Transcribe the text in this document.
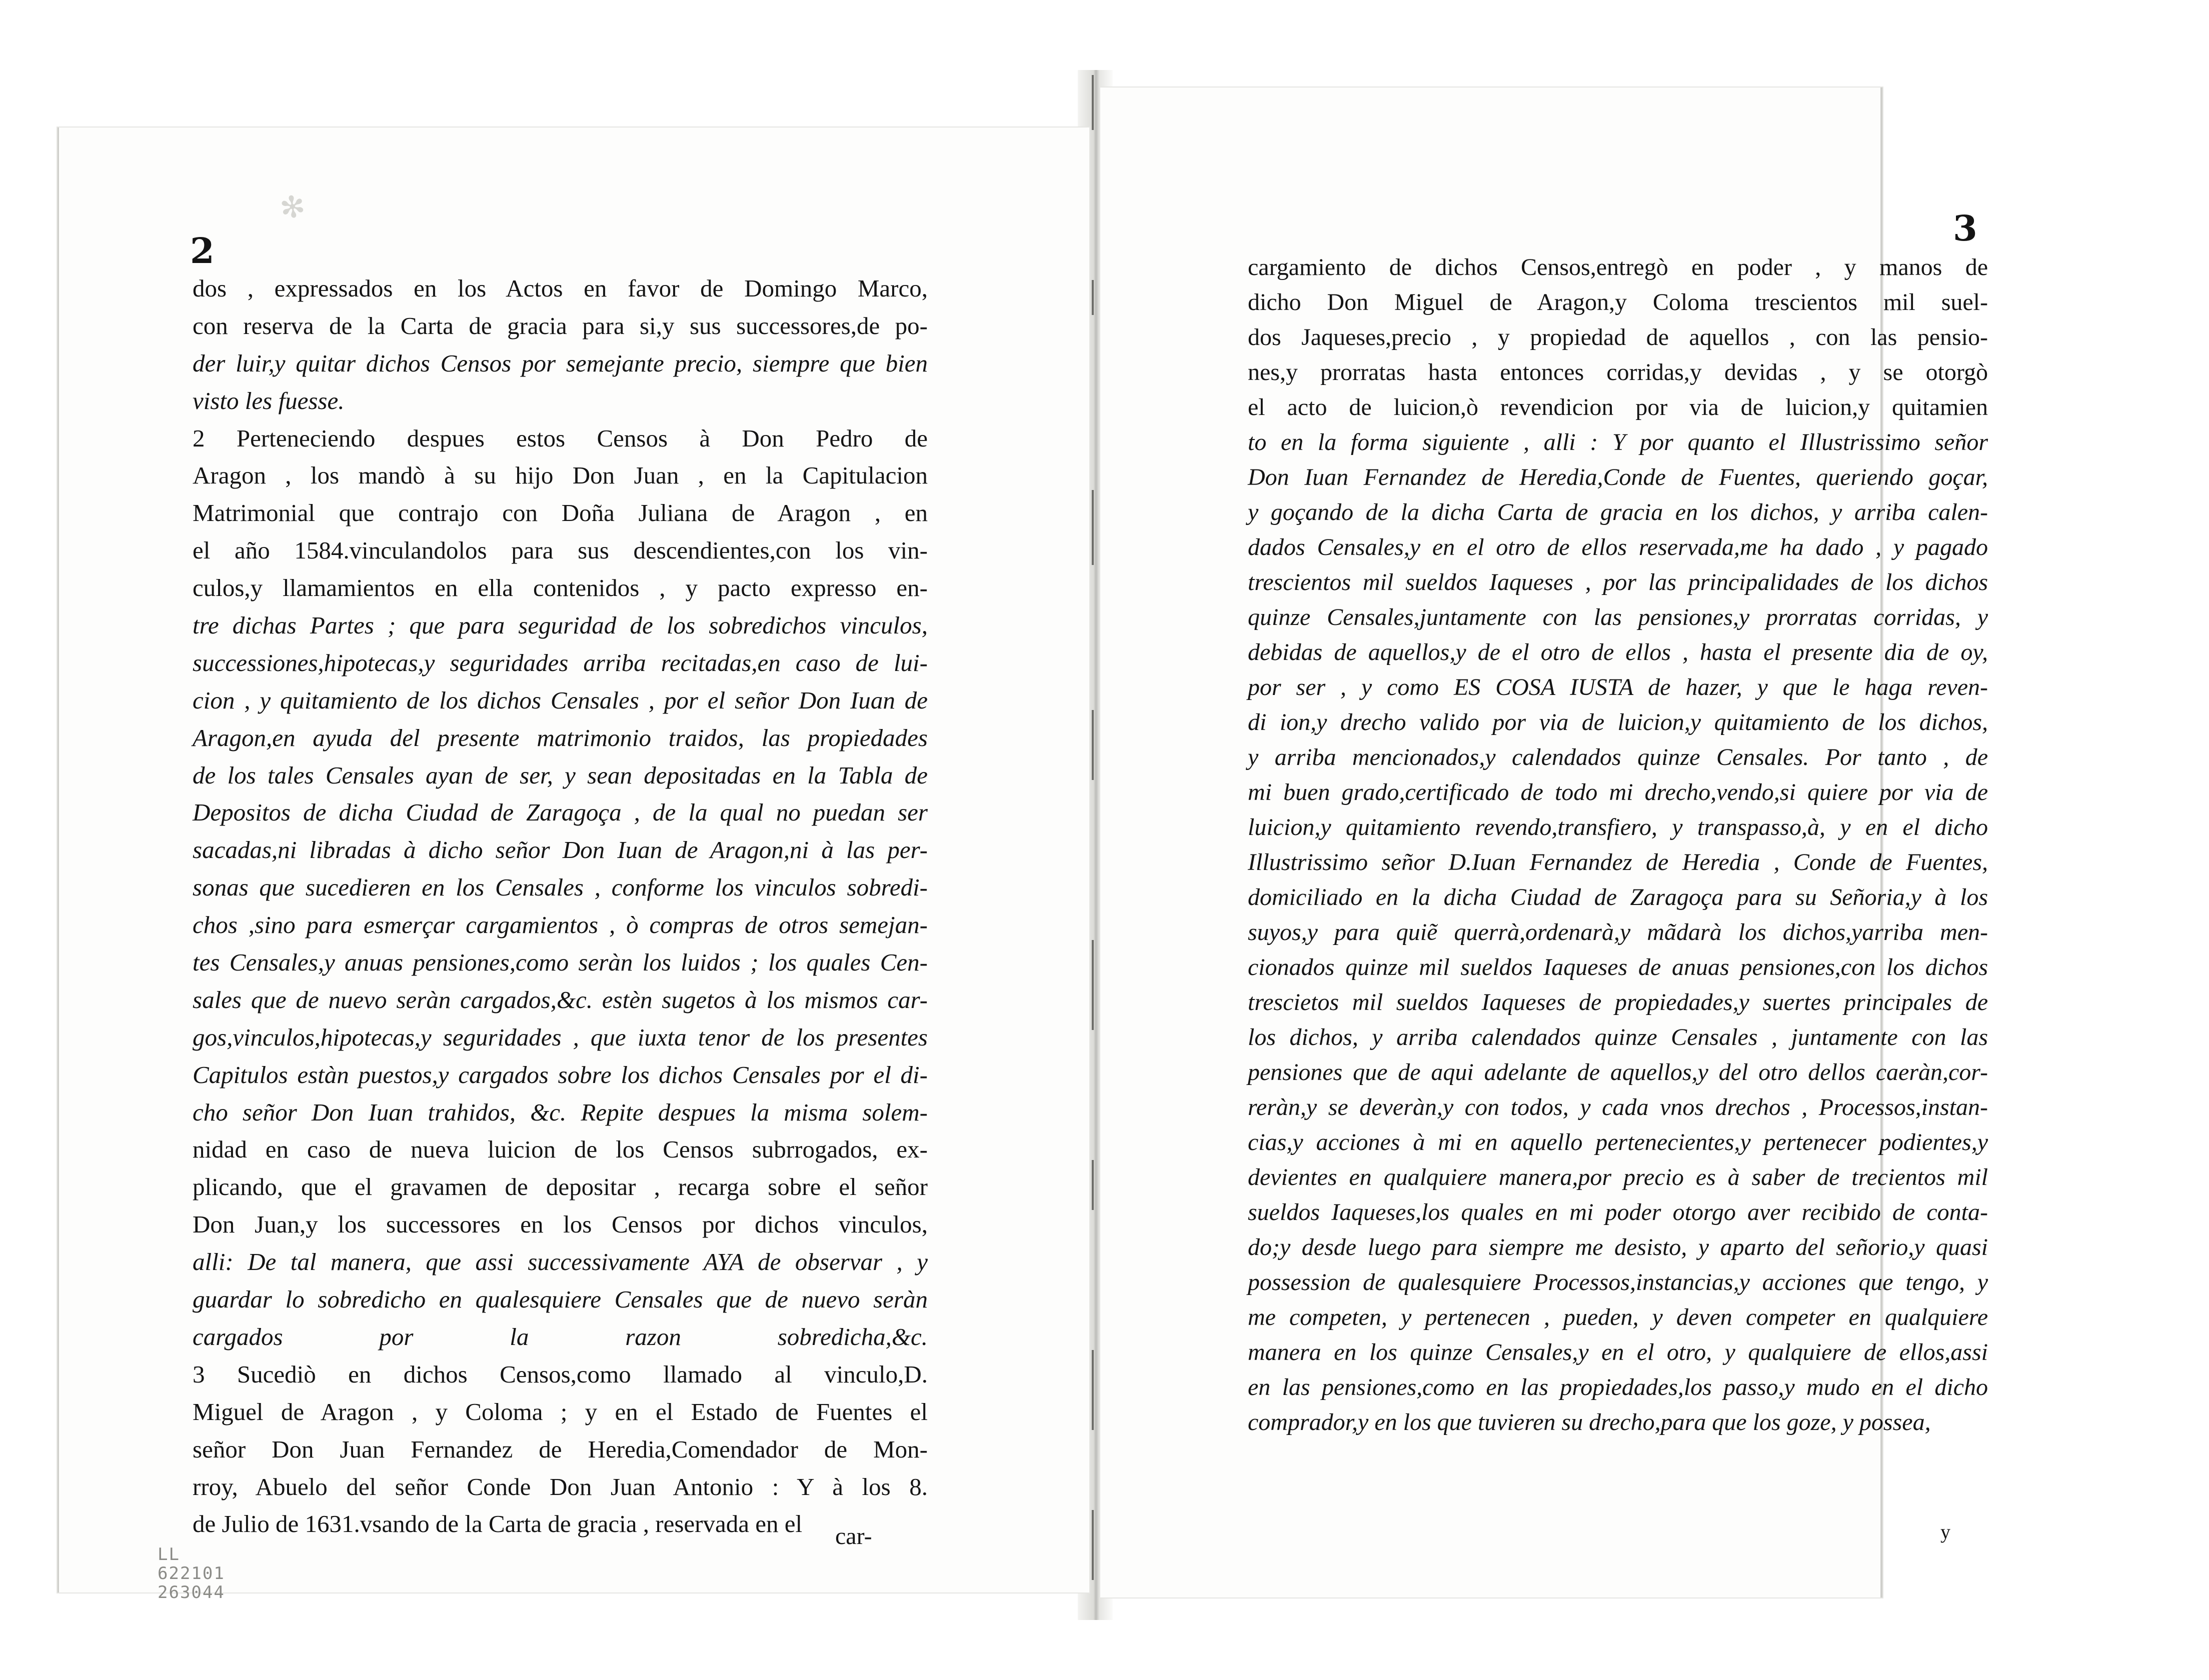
✻
2
3
dos , expressados en los Actos en favor de Domingo Marco,
con reserva de la Carta de gracia para si,y sus successores,de po-
der luir,y quitar dichos Censos por semejante precio, siempre que bien
visto les fuesse.
2 Perteneciendo despues estos Censos à Don Pedro de
Aragon , los mandò à su hijo Don Juan , en la Capitulacion
Matrimonial que contrajo con Doña Juliana de Aragon , en
el año 1584.vinculandolos para sus descendientes,con los vin-
culos,y llamamientos en ella contenidos , y pacto expresso en-
tre dichas Partes ; que para seguridad de los sobredichos vinculos,
successiones,hipotecas,y seguridades arriba recitadas,en caso de lui-
cion , y quitamiento de los dichos Censales , por el señor Don Iuan de
Aragon,en ayuda del presente matrimonio traidos, las propiedades
de los tales Censales ayan de ser, y sean depositadas en la Tabla de
Depositos de dicha Ciudad de Zaragoça , de la qual no puedan ser
sacadas,ni libradas à dicho señor Don Iuan de Aragon,ni à las per-
sonas que sucedieren en los Censales , conforme los vinculos sobredi-
chos ,sino para esmerçar cargamientos , ò compras de otros semejan-
tes Censales,y anuas pensiones,como seràn los luidos ; los quales Cen-
sales que de nuevo seràn cargados,&c. estèn sugetos à los mismos car-
gos,vinculos,hipotecas,y seguridades , que iuxta tenor de los presentes
Capitulos estàn puestos,y cargados sobre los dichos Censales por el di-
cho señor Don Iuan trahidos, &c. Repite despues la misma solem-
nidad en caso de nueva luicion de los Censos subrrogados, ex-
plicando, que el gravamen de depositar , recarga sobre el señor
Don Juan,y los successores en los Censos por dichos vinculos,
alli: De tal manera, que assi successivamente AYA de observar , y
guardar lo sobredicho en qualesquiere Censales que de nuevo seràn
cargados por la razon sobredicha,&c.
3 Sucediò en dichos Censos,como llamado al vinculo,D.
Miguel de Aragon , y Coloma ; y en el Estado de Fuentes el
señor Don Juan Fernandez de Heredia,Comendador de Mon-
rroy, Abuelo del señor Conde Don Juan Antonio : Y à los 8.
de Julio de 1631.vsando de la Carta de gracia , reservada en el
cargamiento de dichos Censos,entregò en poder , y manos de
dicho Don Miguel de Aragon,y Coloma trescientos mil suel-
dos Jaqueses,precio , y propiedad de aquellos , con las pensio-
nes,y prorratas hasta entonces corridas,y devidas , y se otorgò
el acto de luicion,ò revendicion por via de luicion,y quitamien
to en la forma siguiente , alli : Y por quanto el Illustrissimo señor
Don Iuan Fernandez de Heredia,Conde de Fuentes, queriendo goçar,
y goçando de la dicha Carta de gracia en los dichos, y arriba calen-
dados Censales,y en el otro de ellos reservada,me ha dado , y pagado
trescientos mil sueldos Iaqueses , por las principalidades de los dichos
quinze Censales,juntamente con las pensiones,y prorratas corridas, y
debidas de aquellos,y de el otro de ellos , hasta el presente dia de oy,
por ser , y como ES COSA IUSTA de hazer, y que le haga reven-
di ion,y drecho valido por via de luicion,y quitamiento de los dichos,
y arriba mencionados,y calendados quinze Censales. Por tanto , de
mi buen grado,certificado de todo mi drecho,vendo,si quiere por via de
luicion,y quitamiento revendo,transfiero, y transpasso,à, y en el dicho
Illustrissimo señor D.Iuan Fernandez de Heredia , Conde de Fuentes,
domiciliado en la dicha Ciudad de Zaragoça para su Señoria,y à los
suyos,y para quiẽ querrà,ordenarà,y mãdarà los dichos,yarriba men-
cionados quinze mil sueldos Iaqueses de anuas pensiones,con los dichos
trescietos mil sueldos Iaqueses de propiedades,y suertes principales de
los dichos, y arriba calendados quinze Censales , juntamente con las
pensiones que de aqui adelante de aquellos,y del otro dellos caeràn,cor-
reràn,y se deveràn,y con todos, y cada vnos drechos , Processos,instan-
cias,y acciones à mi en aquello pertenecientes,y pertenecer podientes,y
devientes en qualquiere manera,por precio es à saber de trecientos mil
sueldos Iaqueses,los quales en mi poder otorgo aver recibido de conta-
do;y desde luego para siempre me desisto, y aparto del señorio,y quasi
possession de qualesquiere Processos,instancias,y acciones que tengo, y
me competen, y pertenecen , pueden, y deven competer en qualquiere
manera en los quinze Censales,y en el otro, y qualquiere de ellos,assi
en las pensiones,como en las propiedades,los passo,y mudo en el dicho
comprador,y en los que tuvieren su drecho,para que los goze, y possea,
car-	y
LL
622101
263044
